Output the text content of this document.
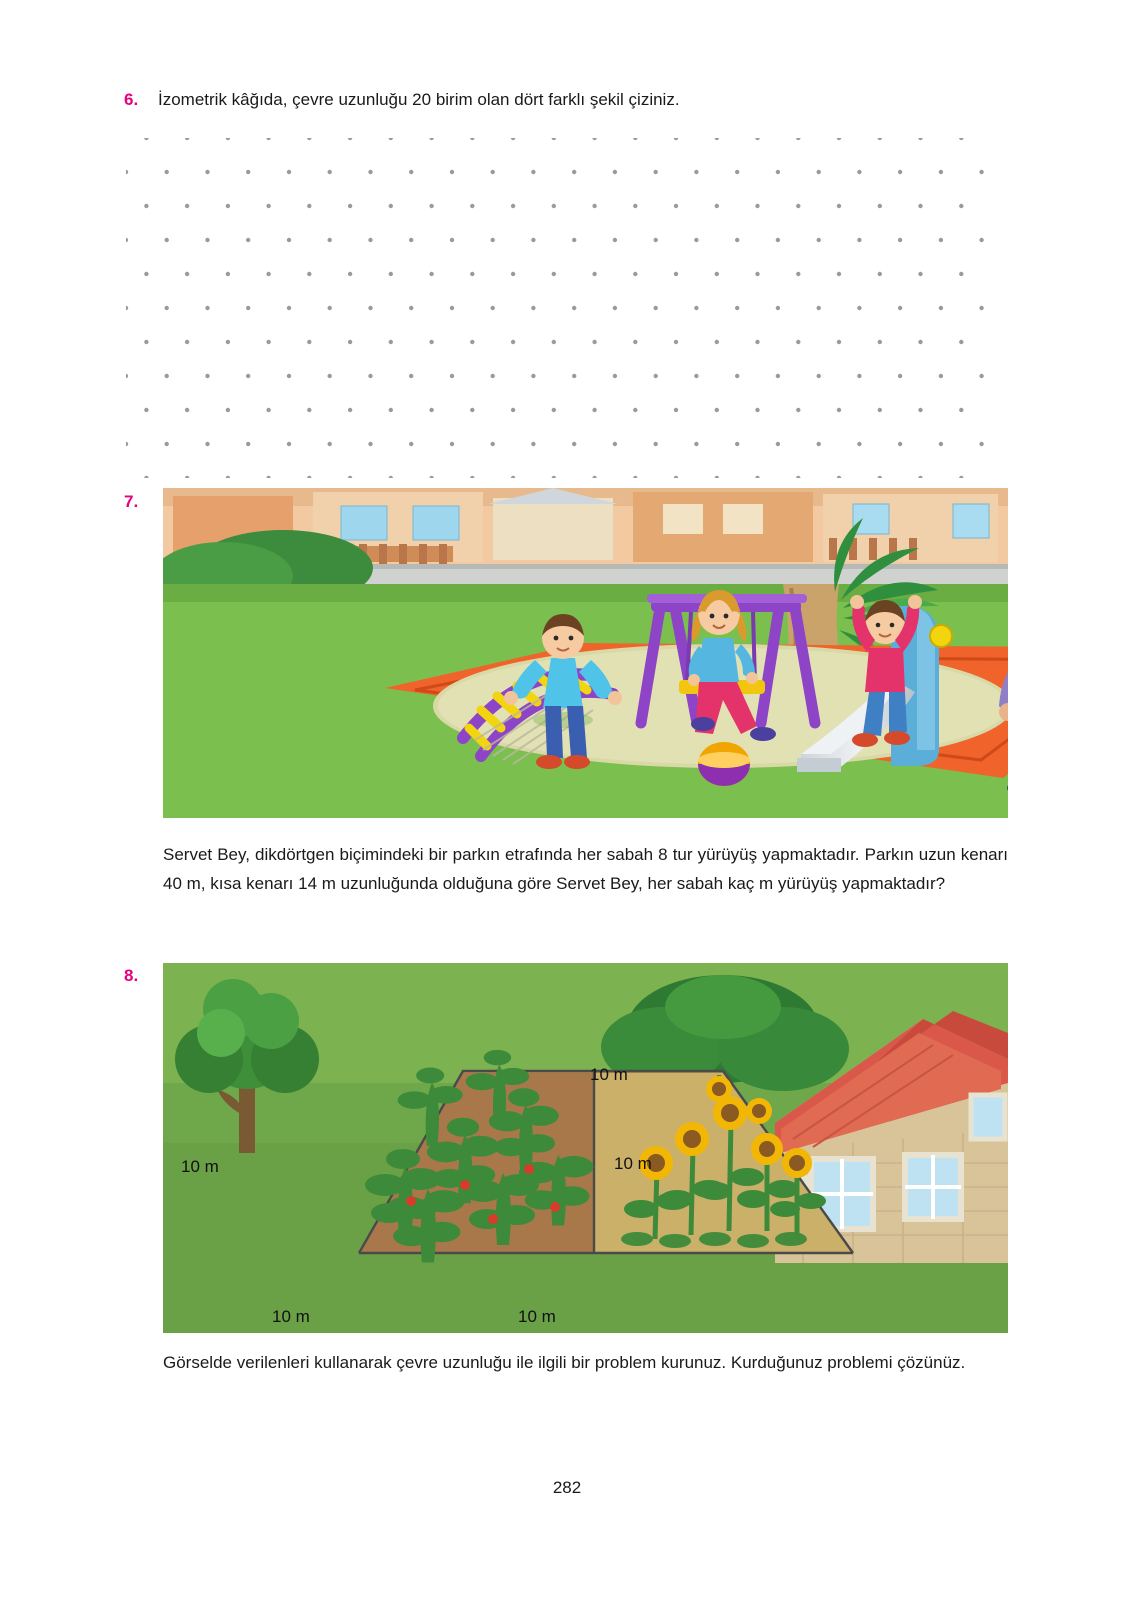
6.	İzometrik kâğıda, çevre uzunluğu 20 birim olan dört farklı şekil çiziniz.
7.
Servet Bey, dikdörtgen biçimindeki bir parkın etrafında her sabah 8 tur yürüyüş yapmaktadır. Parkın uzun kenarı 40 m, kısa kenarı 14 m uzunluğunda olduğuna göre Servet Bey, her sabah kaç m yürüyüş yapmaktadır?
8.
10 m
10 m	10 m
10 m	10 m
Görselde verilenleri kullanarak çevre uzunluğu ile ilgili bir problem kurunuz. Kurduğunuz problemi çözünüz.
282
